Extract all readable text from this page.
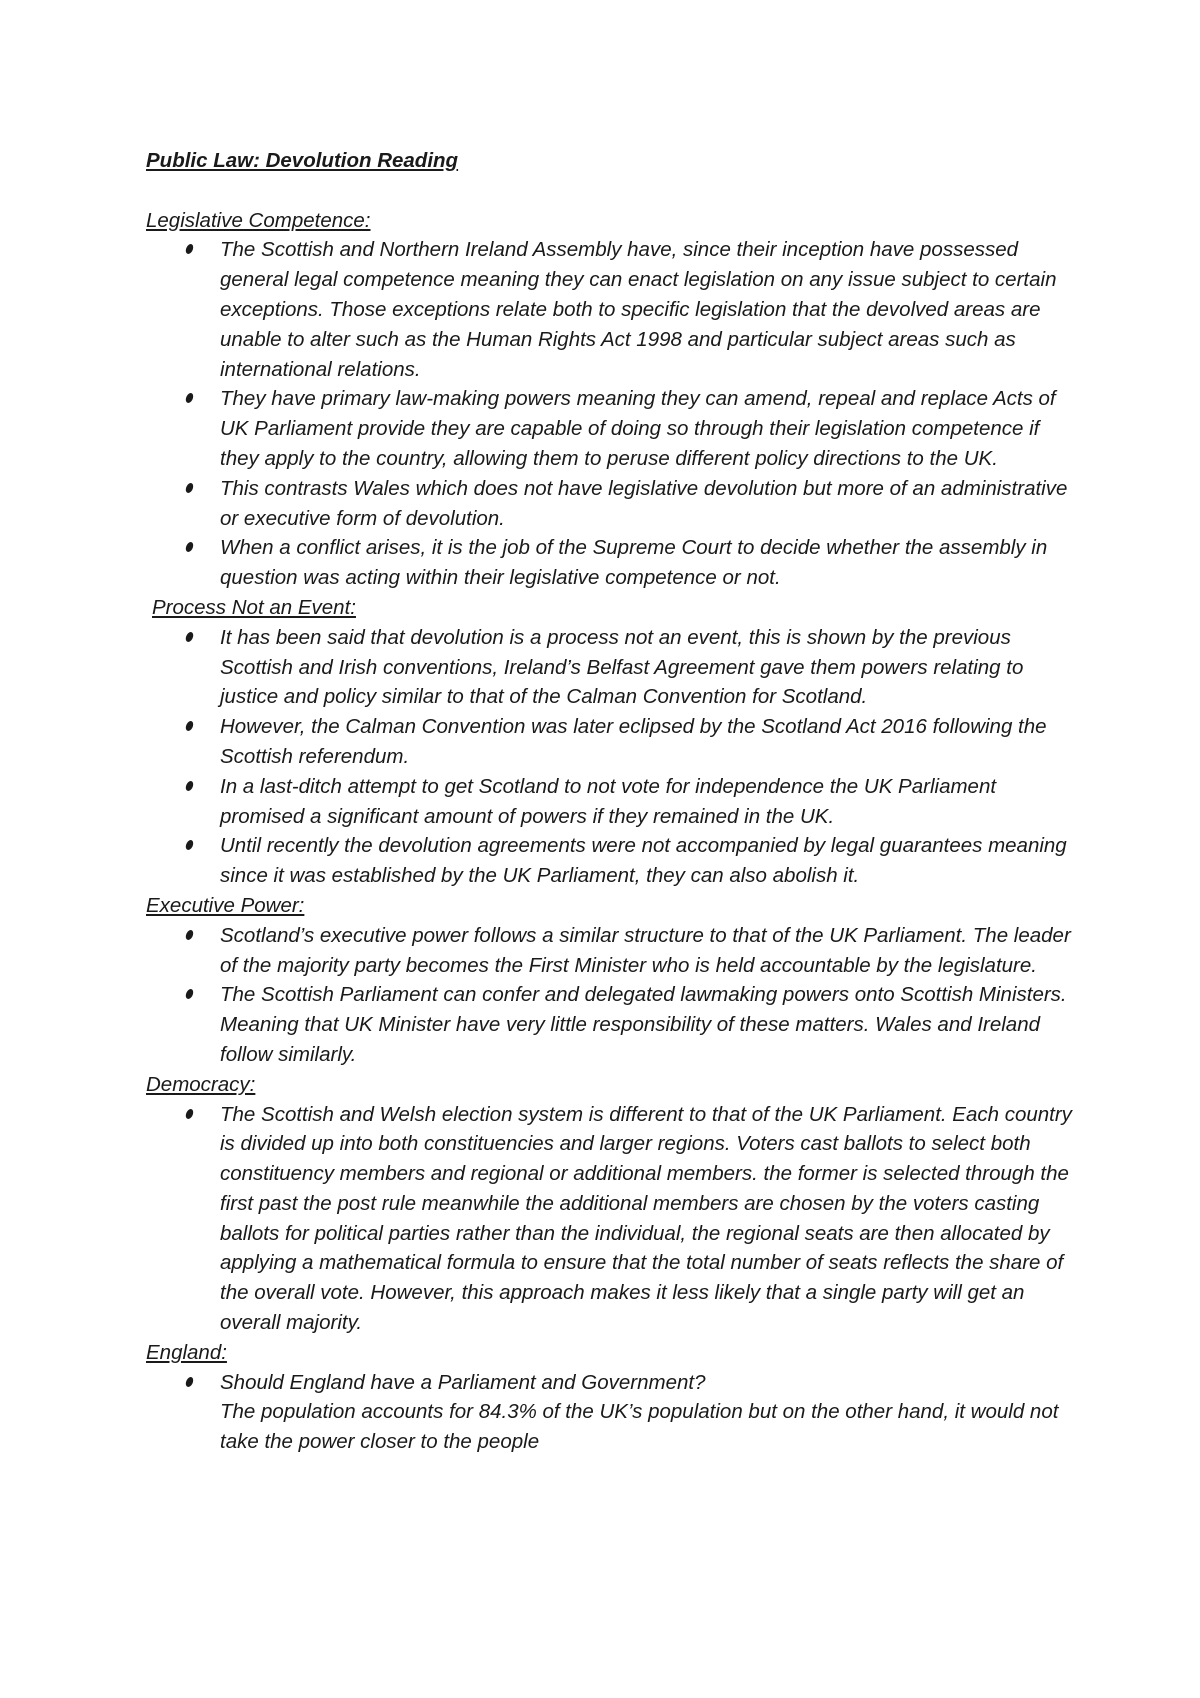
Public Law: Devolution Reading
Legislative Competence:
The Scottish and Northern Ireland Assembly have, since their inception have possessed general legal competence meaning they can enact legislation on any issue subject to certain exceptions. Those exceptions relate both to specific legislation that the devolved areas are unable to alter such as the Human Rights Act 1998 and particular subject areas such as international relations.
They have primary law-making powers meaning they can amend, repeal and replace Acts of UK Parliament provide they are capable of doing so through their legislation competence if they apply to the country, allowing them to peruse different policy directions to the UK.
This contrasts Wales which does not have legislative devolution but more of an administrative or executive form of devolution.
When a conflict arises, it is the job of the Supreme Court to decide whether the assembly in question was acting within their legislative competence or not.
Process Not an Event:
It has been said that devolution is a process not an event, this is shown by the previous Scottish and Irish conventions, Ireland’s Belfast Agreement gave them powers relating to justice and policy similar to that of the Calman Convention for Scotland.
However, the Calman Convention was later eclipsed by the Scotland Act 2016 following the Scottish referendum.
In a last-ditch attempt to get Scotland to not vote for independence the UK Parliament promised a significant amount of powers if they remained in the UK.
Until recently the devolution agreements were not accompanied by legal guarantees meaning since it was established by the UK Parliament, they can also abolish it.
Executive Power:
Scotland’s executive power follows a similar structure to that of the UK Parliament. The leader of the majority party becomes the First Minister who is held accountable by the legislature.
The Scottish Parliament can confer and delegated lawmaking powers onto Scottish Ministers. Meaning that UK Minister have very little responsibility of these matters. Wales and Ireland follow similarly.
Democracy:
The Scottish and Welsh election system is different to that of the UK Parliament. Each country is divided up into both constituencies and larger regions. Voters cast ballots to select both constituency members and regional or additional members. the former is selected through the first past the post rule meanwhile the additional members are chosen by the voters casting ballots for political parties rather than the individual, the regional seats are then allocated by applying a mathematical formula to ensure that the total number of seats reflects the share of the overall vote. However, this approach makes it less likely that a single party will get an overall majority.
England:
Should England have a Parliament and Government?
The population accounts for 84.3% of the UK’s population but on the other hand, it would not take the power closer to the people
